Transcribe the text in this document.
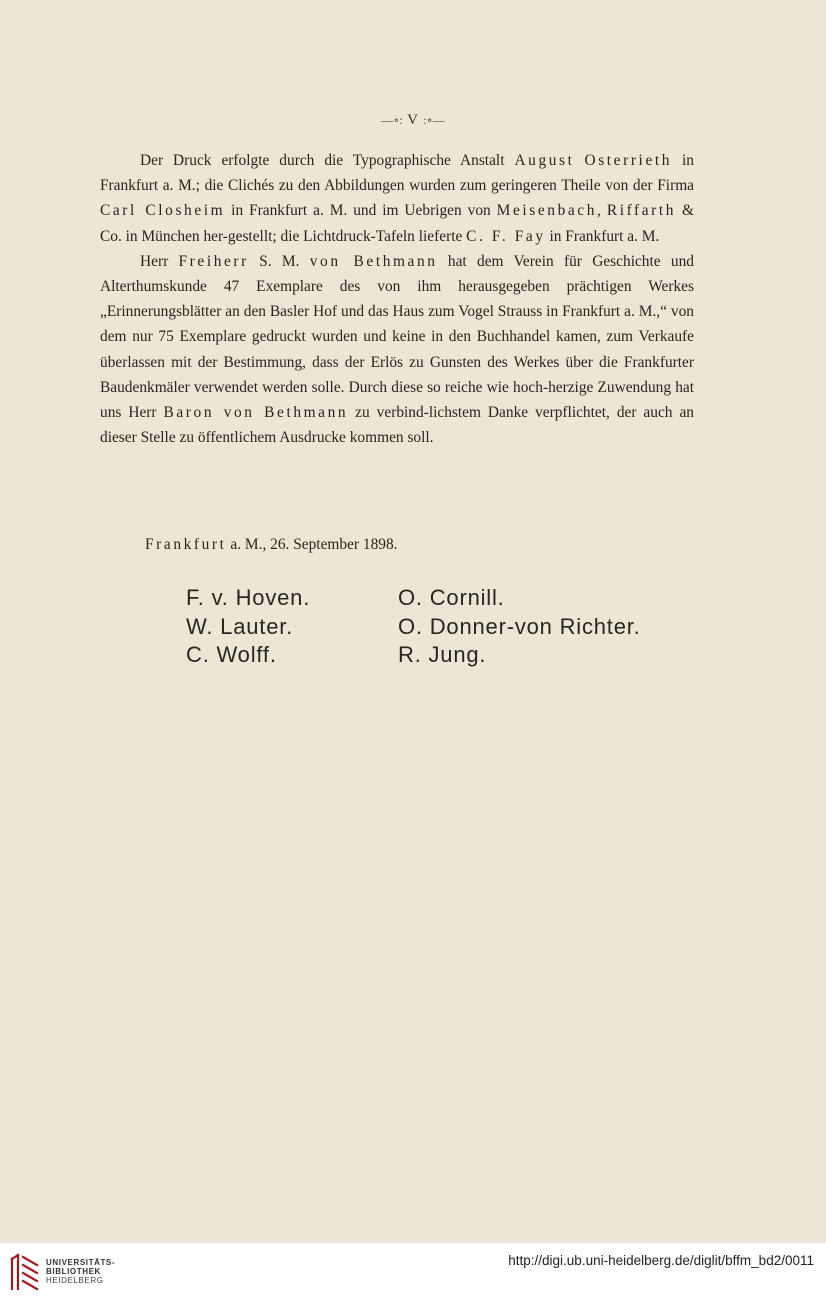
—∘: V :∘—

Der Druck erfolgte durch die Typographische Anstalt August Osterrieth in Frankfurt a. M.; die Clichés zu den Abbildungen wurden zum geringeren Theile von der Firma Carl Closheim in Frankfurt a. M. und im Uebrigen von Meisenbach, Riffarth & Co. in München her-gestellt; die Lichtdruck-Tafeln lieferte C. F. Fay in Frankfurt a. M.

Herr Freiherr S. M. von Bethmann hat dem Verein für Geschichte und Alterthumskunde 47 Exemplare des von ihm herausgegeben prächtigen Werkes „Erinnerungsblätter an den Basler Hof und das Haus zum Vogel Strauss in Frankfurt a. M.,“ von dem nur 75 Exemplare gedruckt wurden und keine in den Buchhandel kamen, zum Verkaufe überlassen mit der Bestimmung, dass der Erlös zu Gunsten des Werkes über die Frankfurter Baudenkmäler verwendet werden solle. Durch diese so reiche wie hoch-herzige Zuwendung hat uns Herr Baron von Bethmann zu verbind-lichstem Danke verpflichtet, der auch an dieser Stelle zu öffentlichem Ausdrucke kommen soll.

Frankfurt a. M., 26. September 1898.
F. v. Hoven.
W. Lauter.
C. Wolff.
O. Cornill.
O. Donner-von Richter.
R. Jung.
UNIVERSITÄTS-
BIBLIOTHEK
HEIDELBERG
http://digi.ub.uni-heidelberg.de/diglit/bffm_bd2/0011
